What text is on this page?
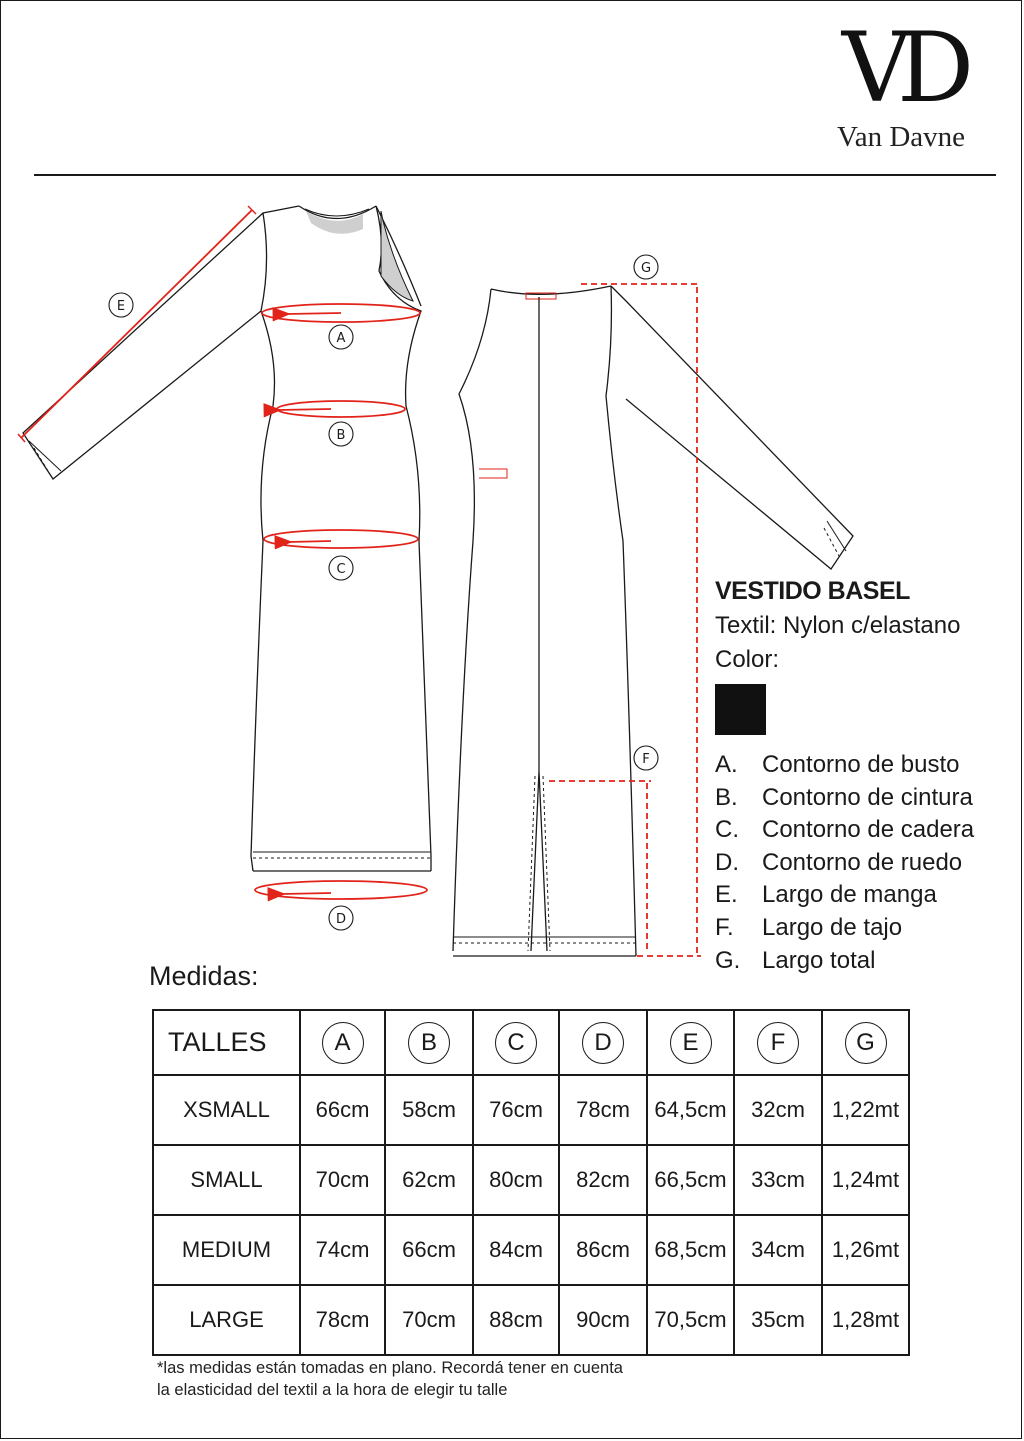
VD
Van Davne
A
B
C
D
E
F
G
VESTIDO BASEL
Textil: Nylon c/elastano
Color:
A.	Contorno de busto
B.	Contorno de cintura
C. Contorno de cadera
D. Contorno de ruedo
E.	Largo de manga
F.	Largo de tajo
G. Largo total
Medidas:
TALLES	A	B	C	D	E	F	G
XSMALL	66cm	58cm	76cm	78cm	64,5cm	32cm	1,22mt
SMALL	70cm	62cm	80cm	82cm	66,5cm	33cm	1,24mt
MEDIUM	74cm	66cm	84cm	86cm	68,5cm	34cm	1,26mt
LARGE	78cm	70cm	88cm	90cm	70,5cm	35cm	1,28mt
*las medidas están tomadas en plano. Recordá tener en cuenta
la elasticidad del textil a la hora de elegir tu talle
